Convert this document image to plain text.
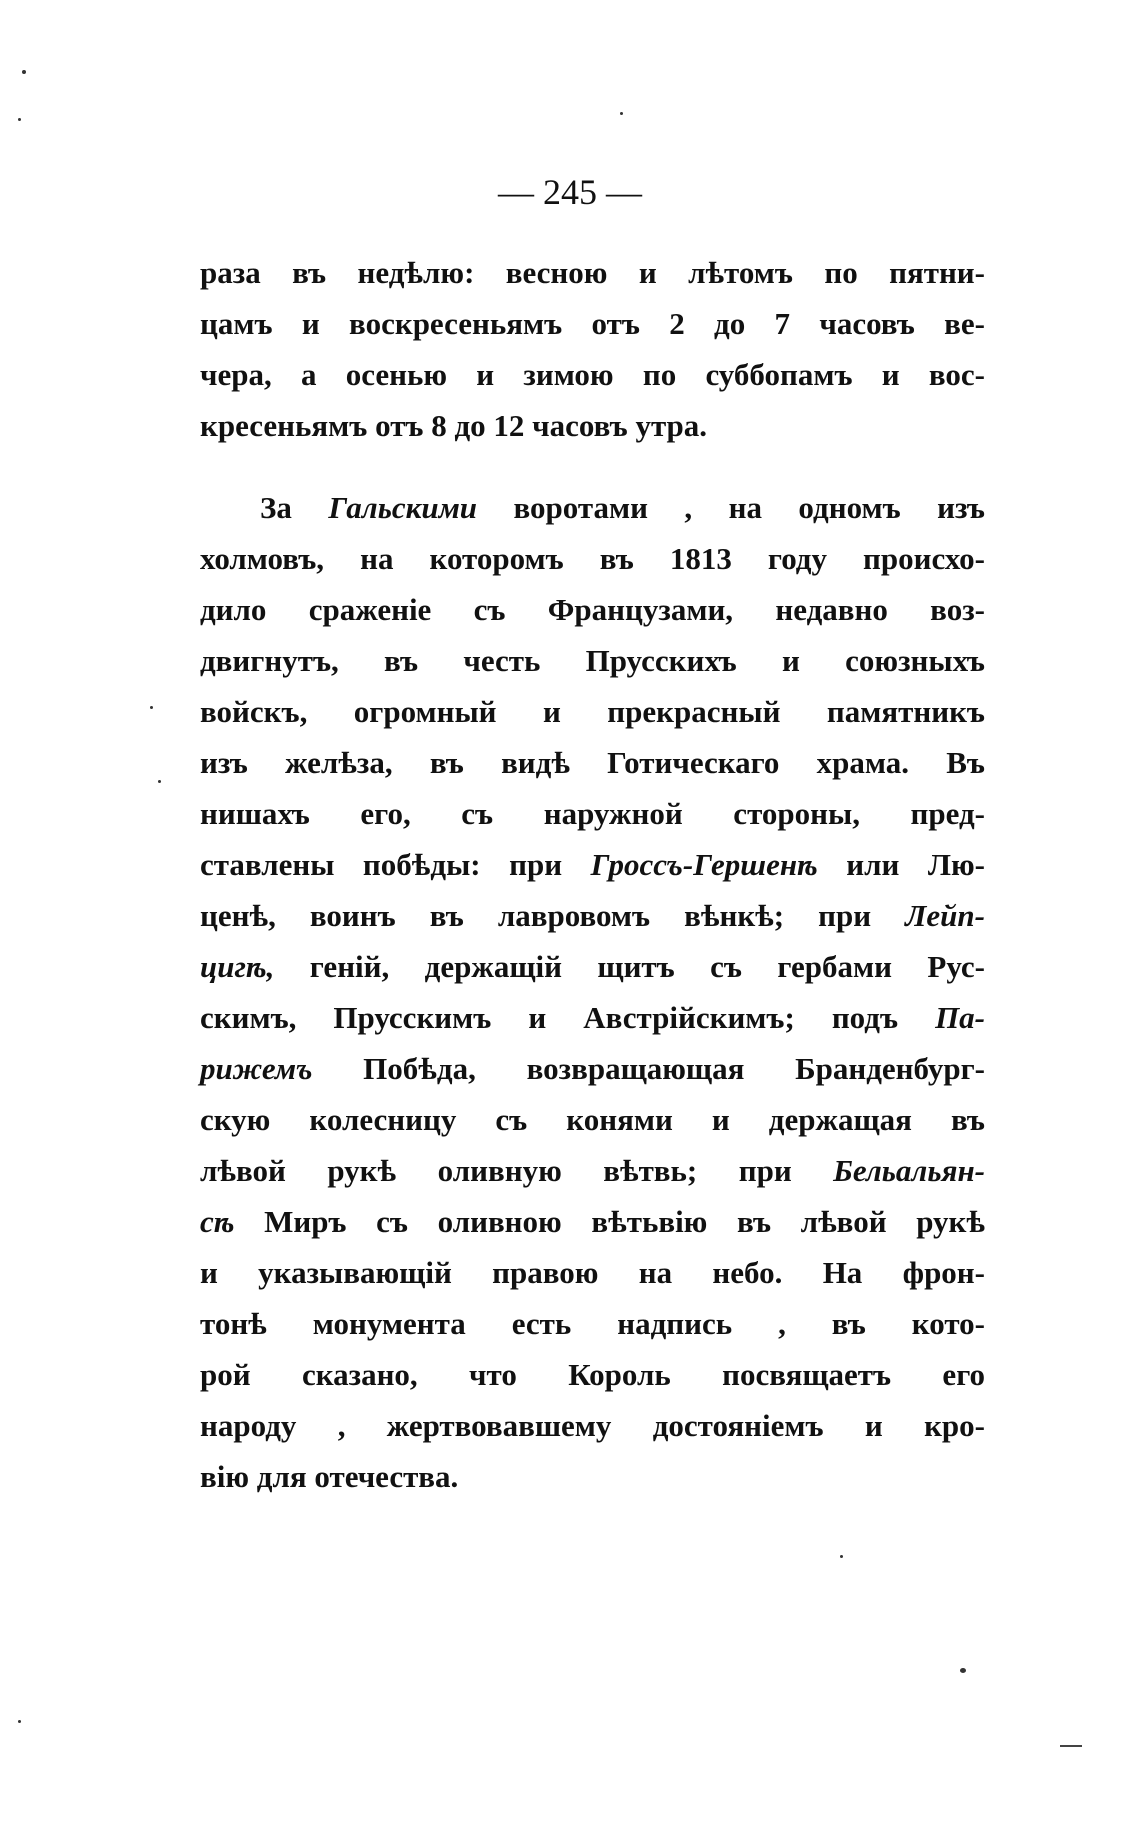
— 245 —
раза въ недѣлю: весною и лѣтомъ по пятни-
цамъ и воскресеньямъ отъ 2 до 7 часовъ ве-
чера, а осенью и зимою по суббопамъ и вос-
кресеньямъ отъ 8 до 12 часовъ утра.
За Гальскими воротами , на одномъ изъ
холмовъ, на которомъ въ 1813 году происхо-
дило сраженіе съ Французами, недавно воз-
двигнутъ, въ честь Прусскихъ и союзныхъ
войскъ, огромный и прекрасный памятникъ
изъ желѣза, въ видѣ Готическаго храма. Въ
нишахъ его, съ наружной стороны, пред-
ставлены побѣды: при Гроссъ-Гершенѣ или Лю-
ценѣ, воинъ въ лавровомъ вѣнкѣ; при Лейп-
цигѣ, геній, держащій щитъ съ гербами Рус-
скимъ, Прусскимъ и Австрійскимъ; подъ Па-
рижемъ Побѣда, возвращающая Бранденбург-
скую колесницу съ конями и держащая въ
лѣвой рукѣ оливную вѣтвь; при Бельальян-
сѣ Миръ съ оливною вѣтьвію въ лѣвой рукѣ
и указывающій правою на небо. На фрон-
тонѣ монумента есть надпись , въ кото-
рой сказано, что Король посвящаетъ его
народу , жертвовавшему достояніемъ и кро-
вію для отечества.
